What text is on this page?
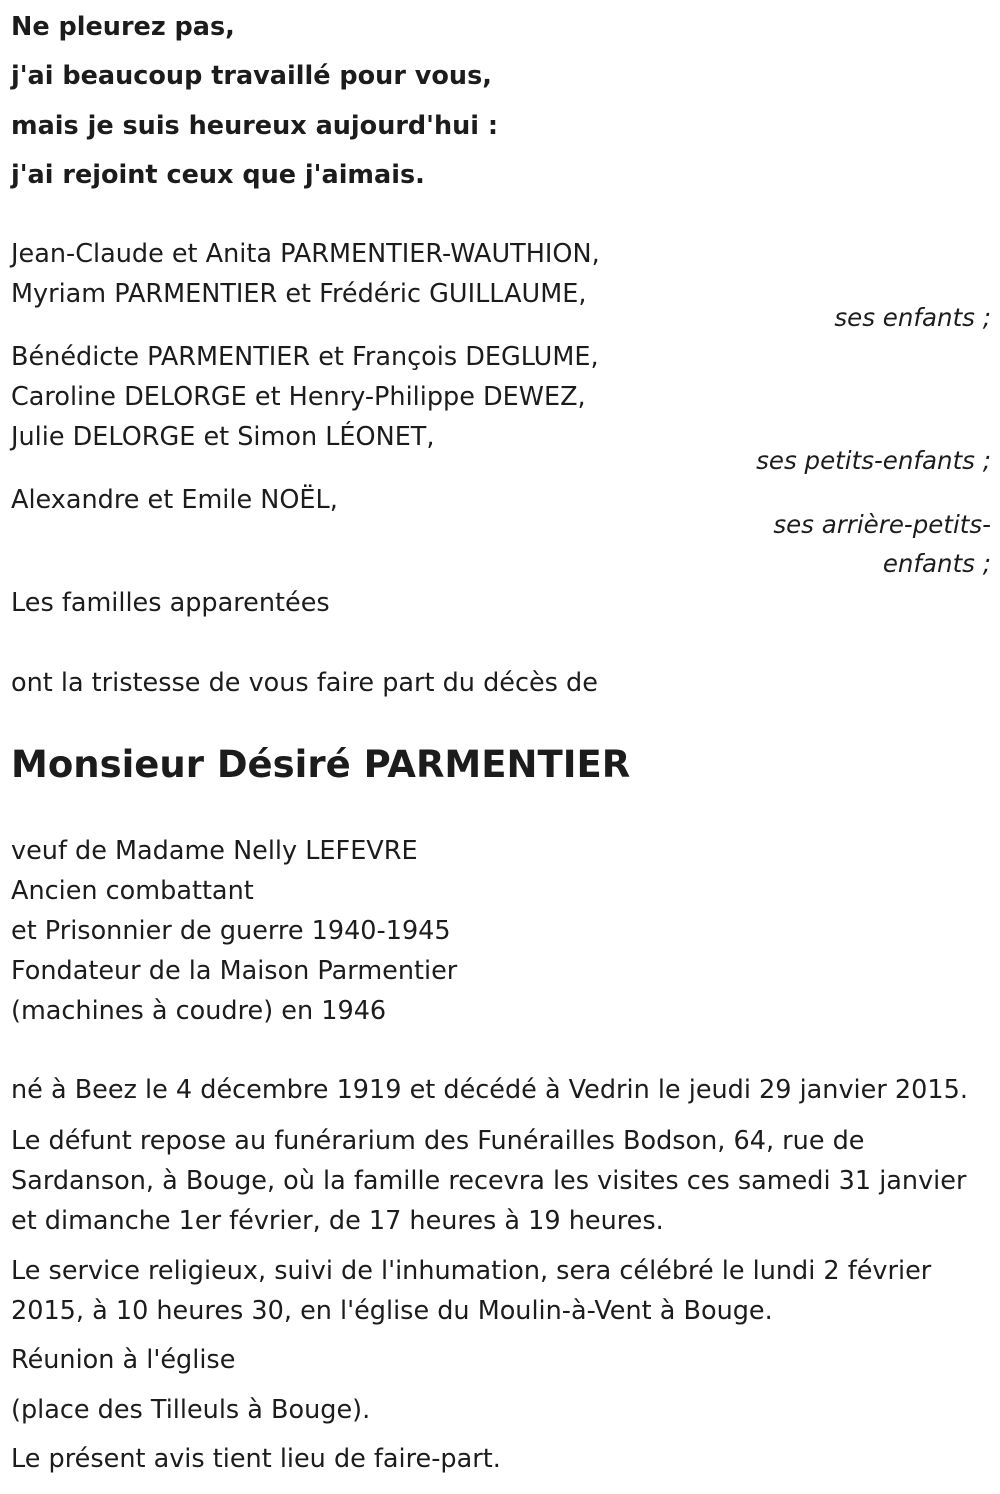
Ne pleurez pas,
j'ai beaucoup travaillé pour vous,
mais je suis heureux aujourd'hui :
j'ai rejoint ceux que j'aimais.
Jean-Claude et Anita PARMENTIER-WAUTHION,
Myriam PARMENTIER et Frédéric GUILLAUME,
ses enfants ;
Bénédicte PARMENTIER et François DEGLUME,
Caroline DELORGE et Henry-Philippe DEWEZ,
Julie DELORGE et Simon LÉONET,
ses petits-enfants ;
Alexandre et Emile NOËL,
ses arrière-petits-
enfants ;
Les familles apparentées
ont la tristesse de vous faire part du décès de
Monsieur Désiré PARMENTIER
veuf de Madame Nelly LEFEVRE
Ancien combattant
et Prisonnier de guerre 1940-1945
Fondateur de la Maison Parmentier
(machines à coudre) en 1946
né à Beez le 4 décembre 1919 et décédé à Vedrin le jeudi 29 janvier 2015.
Le défunt repose au funérarium des Funérailles Bodson, 64, rue de
Sardanson, à Bouge, où la famille recevra les visites ces samedi 31 janvier
et dimanche 1er février, de 17 heures à 19 heures.
Le service religieux, suivi de l'inhumation, sera célébré le lundi 2 février
2015, à 10 heures 30, en l'église du Moulin-à-Vent à Bouge.
Réunion à l'église
(place des Tilleuls à Bouge).
Le présent avis tient lieu de faire-part.
